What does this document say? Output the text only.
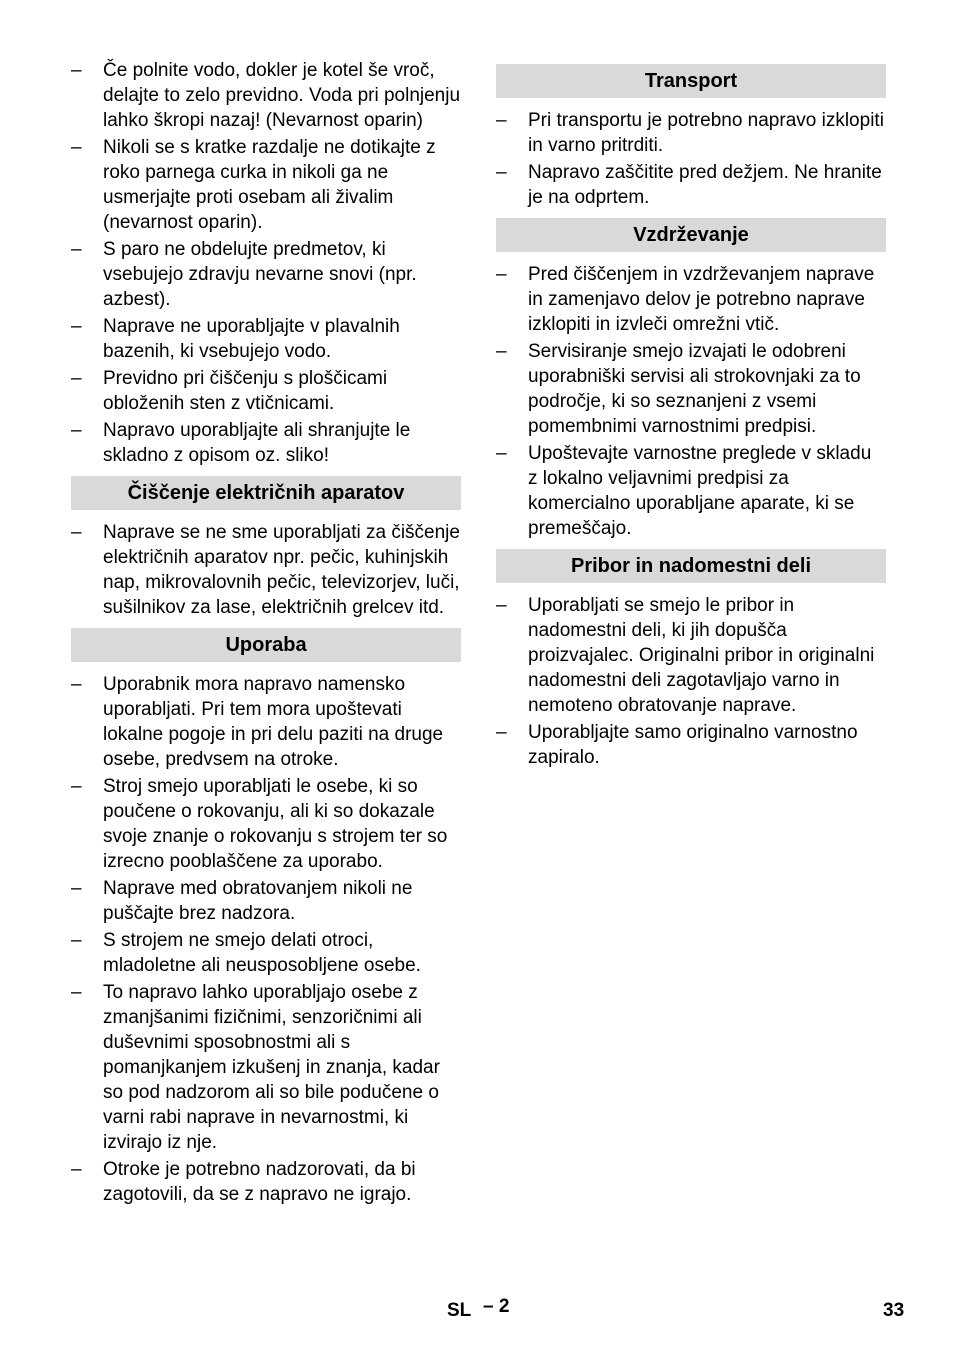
–	Če polnite vodo, dokler je kotel še vroč, delajte to zelo previdno. Voda pri polnjenju lahko škropi nazaj! (Nevarnost oparin)
–	Nikoli se s kratke razdalje ne dotikajte z roko parnega curka in nikoli ga ne usmerjajte proti osebam ali živalim (nevarnost oparin).
–	S paro ne obdelujte predmetov, ki vsebujejo zdravju nevarne snovi (npr. azbest).
–	Naprave ne uporabljajte v plavalnih bazenih, ki vsebujejo vodo.
–	Previdno pri čiščenju s ploščicami obloženih sten z vtičnicami.
–	Napravo uporabljajte ali shranjujte le skladno z opisom oz. sliko!
Čiščenje električnih aparatov
–	Naprave se ne sme uporabljati za čiščenje električnih aparatov npr. pečic, kuhinjskih nap, mikrovalovnih pečic, televizorjev, luči, sušilnikov za lase, električnih grelcev itd.
Uporaba
–	Uporabnik mora napravo namensko uporabljati. Pri tem mora upoštevati lokalne pogoje in pri delu paziti na druge osebe, predvsem na otroke.
–	Stroj smejo uporabljati le osebe, ki so poučene o rokovanju, ali ki so dokazale svoje znanje o rokovanju s strojem ter so izrecno pooblaščene za uporabo.
–	Naprave med obratovanjem nikoli ne puščajte brez nadzora.
–	S strojem ne smejo delati otroci, mladoletne ali neusposobljene osebe.
–	To napravo lahko uporabljajo osebe z zmanjšanimi fizičnimi, senzoričnimi ali duševnimi sposobnostmi ali s pomanjkanjem izkušenj in znanja, kadar so pod nadzorom ali so bile podučene o varni rabi naprave in nevarnostmi, ki izvirajo iz nje.
–	Otroke je potrebno nadzorovati, da bi zagotovili, da se z napravo ne igrajo.
Transport
–	Pri transportu je potrebno napravo izklopiti in varno pritrditi.
–	Napravo zaščitite pred dežjem. Ne hranite je na odprtem.
Vzdrževanje
–	Pred čiščenjem in vzdrževanjem naprave in zamenjavo delov je potrebno naprave izklopiti in izvleči omrežni vtič.
–	Servisiranje smejo izvajati le odobreni uporabniški servisi ali strokovnjaki za to področje, ki so seznanjeni z vsemi pomembnimi varnostnimi predpisi.
–	Upoštevajte varnostne preglede v skladu z lokalno veljavnimi predpisi za komercialno uporabljane aparate, ki se premeščajo.
Pribor in nadomestni deli
–	Uporabljati se smejo le pribor in nadomestni deli, ki jih dopušča proizvajalec. Originalni pribor in originalni nadomestni deli zagotavljajo varno in nemoteno obratovanje naprave.
–	Uporabljajte samo originalno varnostno zapiralo.
SL – 2	33
